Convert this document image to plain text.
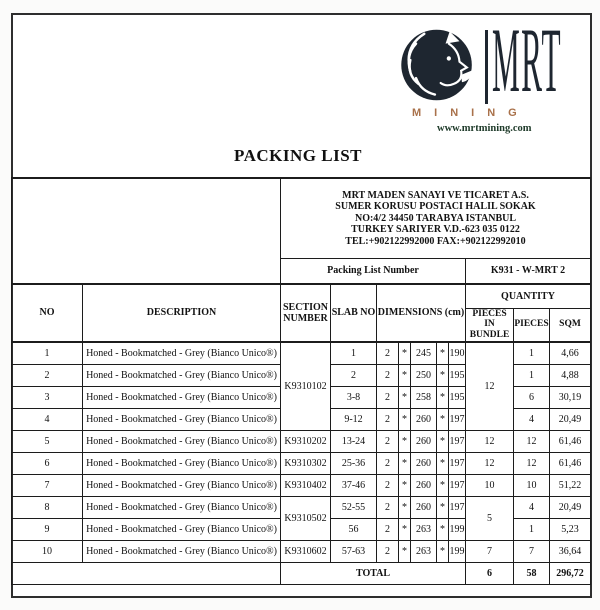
MRT
MINING
www.mrtmining.com
PACKING LIST

		MRT MADEN SANAYI VE TICARET A.S.
SUMER KORUSU POSTACI HALIL SOKAK
NO:4/2 34450 TARABYA ISTANBUL
TURKEY SARIYER V.D.-623 035 0122
TEL:+902122992000 FAX:+902122992010									

		Packing List Number							K931 - W-MRT 2		
NO	DESCRIPTION	SECTION NUMBER	SLAB NO	DIMENSIONS (cm)					QUANTITY		
									PIECES IN BUNDLE	PIECES	SQM
1	Honed - Bookmatched - Grey (Bianco Unico®)	K9310102	1	2	*	245	*	190	12	1	4,66
2	Honed - Bookmatched - Grey (Bianco Unico®)		2	2	*	250	*	195		1	4,88
3	Honed - Bookmatched - Grey (Bianco Unico®)		3-8	2	*	258	*	195		6	30,19
4	Honed - Bookmatched - Grey (Bianco Unico®)		9-12	2	*	260	*	197		4	20,49
5	Honed - Bookmatched - Grey (Bianco Unico®)	K9310202	13-24	2	*	260	*	197	12	12	61,46
6	Honed - Bookmatched - Grey (Bianco Unico®)	K9310302	25-36	2	*	260	*	197	12	12	61,46
7	Honed - Bookmatched - Grey (Bianco Unico®)	K9310402	37-46	2	*	260	*	197	10	10	51,22
8	Honed - Bookmatched - Grey (Bianco Unico®)	K9310502	52-55	2	*	260	*	197	5	4	20,49
9	Honed - Bookmatched - Grey (Bianco Unico®)		56	2	*	263	*	199		1	5,23
10	Honed - Bookmatched - Grey (Bianco Unico®)	K9310602	57-63	2	*	263	*	199	7	7	36,64
		TOTAL							6	58	296,72
